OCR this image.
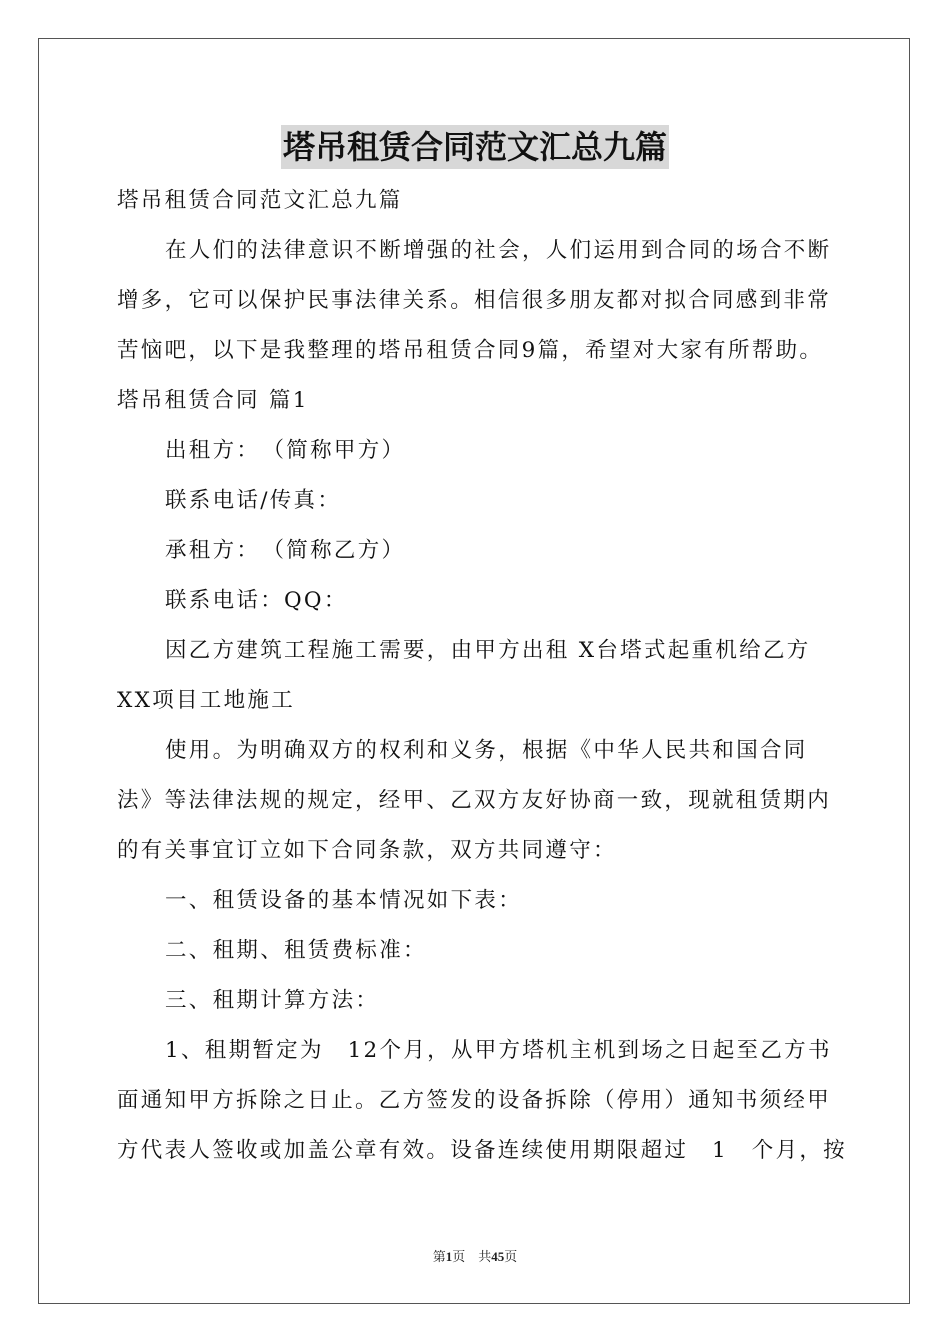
塔吊租赁合同范文汇总九篇
塔吊租赁合同范文汇总九篇
在人们的法律意识不断增强的社会，人们运用到合同的场合不断
增多，它可以保护民事法律关系。相信很多朋友都对拟合同感到非常
苦恼吧，以下是我整理的塔吊租赁合同9篇，希望对大家有所帮助。
塔吊租赁合同 篇1
出租方：　（简称甲方）
联系电话/传真：
承租方：　（简称乙方）
联系电话：QQ：
因乙方建筑工程施工需要，由甲方出租 X台塔式起重机给乙方
XX项目工地施工
使用。为明确双方的权利和义务，根据《中华人民共和国合同
法》等法律法规的规定，经甲、乙双方友好协商一致，现就租赁期内
的有关事宜订立如下合同条款，双方共同遵守：
一、租赁设备的基本情况如下表：
二、租期、租赁费标准：
三、租期计算方法：
1、租期暂定为　12个月，从甲方塔机主机到场之日起至乙方书
面通知甲方拆除之日止。乙方签发的设备拆除（停用）通知书须经甲
方代表人签收或加盖公章有效。设备连续使用期限超过　1　个月，按
第1页 共45页
